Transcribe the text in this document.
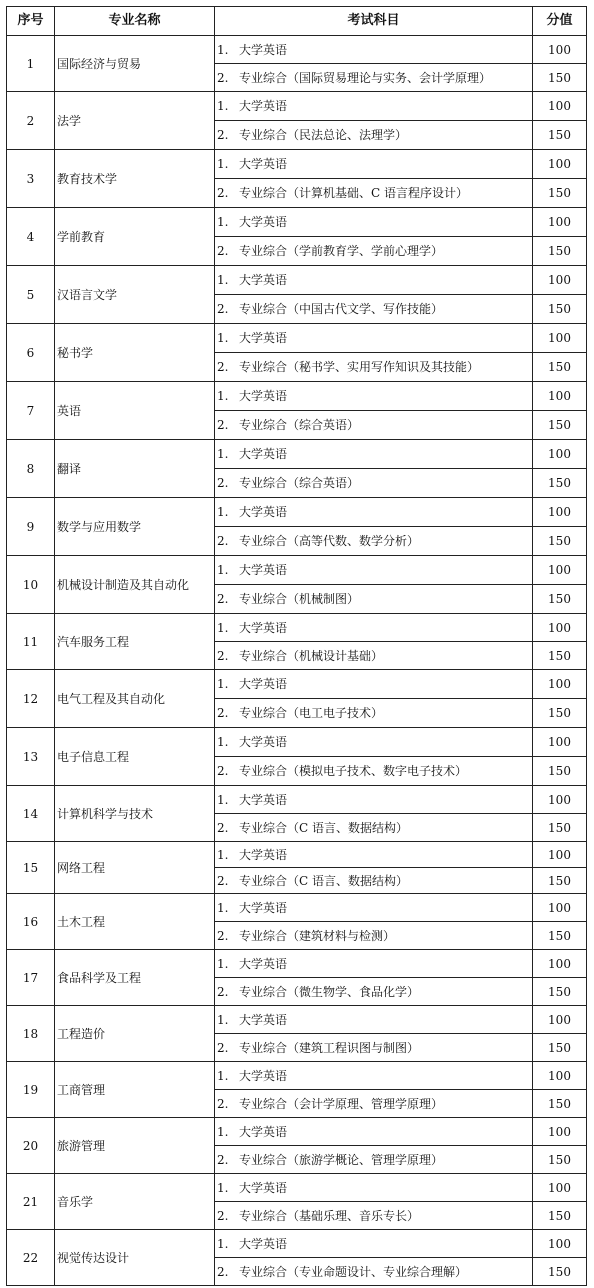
序号	专业名称	考试科目	分值
1	国际经济与贸易	1. 大学英语	100
		2. 专业综合（国际贸易理论与实务、会计学原理）	150
2	法学	1. 大学英语	100
		2. 专业综合（民法总论、法理学）	150
3	教育技术学	1. 大学英语	100
		2. 专业综合（计算机基础、C 语言程序设计）	150
4	学前教育	1. 大学英语	100
		2. 专业综合（学前教育学、学前心理学）	150
5	汉语言文学	1. 大学英语	100
		2. 专业综合（中国古代文学、写作技能）	150
6	秘书学	1. 大学英语	100
		2. 专业综合（秘书学、实用写作知识及其技能）	150
7	英语	1. 大学英语	100
		2. 专业综合（综合英语）	150
8	翻译	1. 大学英语	100
		2. 专业综合（综合英语）	150
9	数学与应用数学	1. 大学英语	100
		2. 专业综合（高等代数、数学分析）	150
10	机械设计制造及其自动化	1. 大学英语	100
		2. 专业综合（机械制图）	150
11	汽车服务工程	1. 大学英语	100
		2. 专业综合（机械设计基础）	150
12	电气工程及其自动化	1. 大学英语	100
		2. 专业综合（电工电子技术）	150
13	电子信息工程	1. 大学英语	100
		2. 专业综合（模拟电子技术、数字电子技术）	150
14	计算机科学与技术	1. 大学英语	100
		2. 专业综合（C 语言、数据结构）	150
15	网络工程	1. 大学英语	100
		2. 专业综合（C 语言、数据结构）	150
16	土木工程	1. 大学英语	100
		2. 专业综合（建筑材料与检测）	150
17	食品科学及工程	1. 大学英语	100
		2. 专业综合（微生物学、食品化学）	150
18	工程造价	1. 大学英语	100
		2. 专业综合（建筑工程识图与制图）	150
19	工商管理	1. 大学英语	100
		2. 专业综合（会计学原理、管理学原理）	150
20	旅游管理	1. 大学英语	100
		2. 专业综合（旅游学概论、管理学原理）	150
21	音乐学	1. 大学英语	100
		2. 专业综合（基础乐理、音乐专长）	150
22	视觉传达设计	1. 大学英语	100
		2. 专业综合（专业命题设计、专业综合理解）	150
